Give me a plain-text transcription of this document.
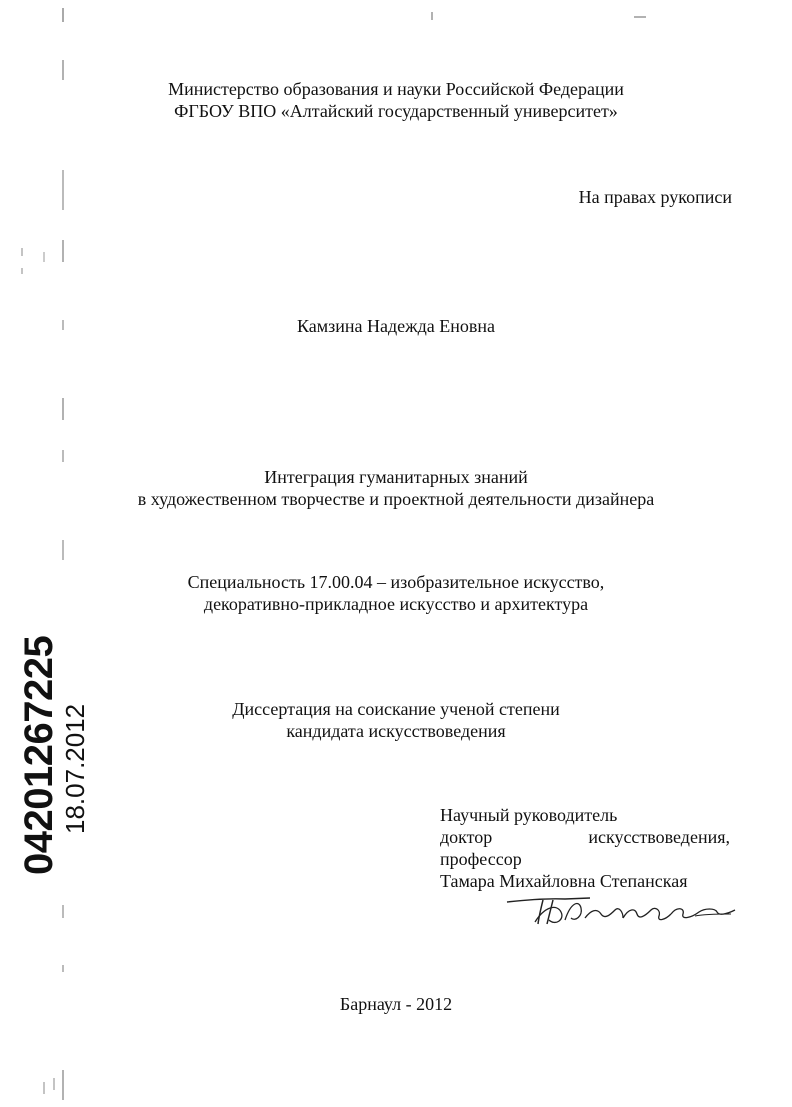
Министерство образования и науки Российской Федерации
ФГБОУ ВПО «Алтайский государственный университет»
На правах рукописи
Камзина Надежда Еновна
Интеграция гуманитарных знаний
в художественном творчестве и проектной деятельности дизайнера
Специальность 17.00.04 – изобразительное искусство,
декоративно-прикладное искусство и архитектура
Диссертация на соискание ученой степени
кандидата искусствоведения
Научный руководитель
доктор	искусствоведения,
профессор
Тамара Михайловна Степанская
Барнаул - 2012
04201267225 18.07.2012
